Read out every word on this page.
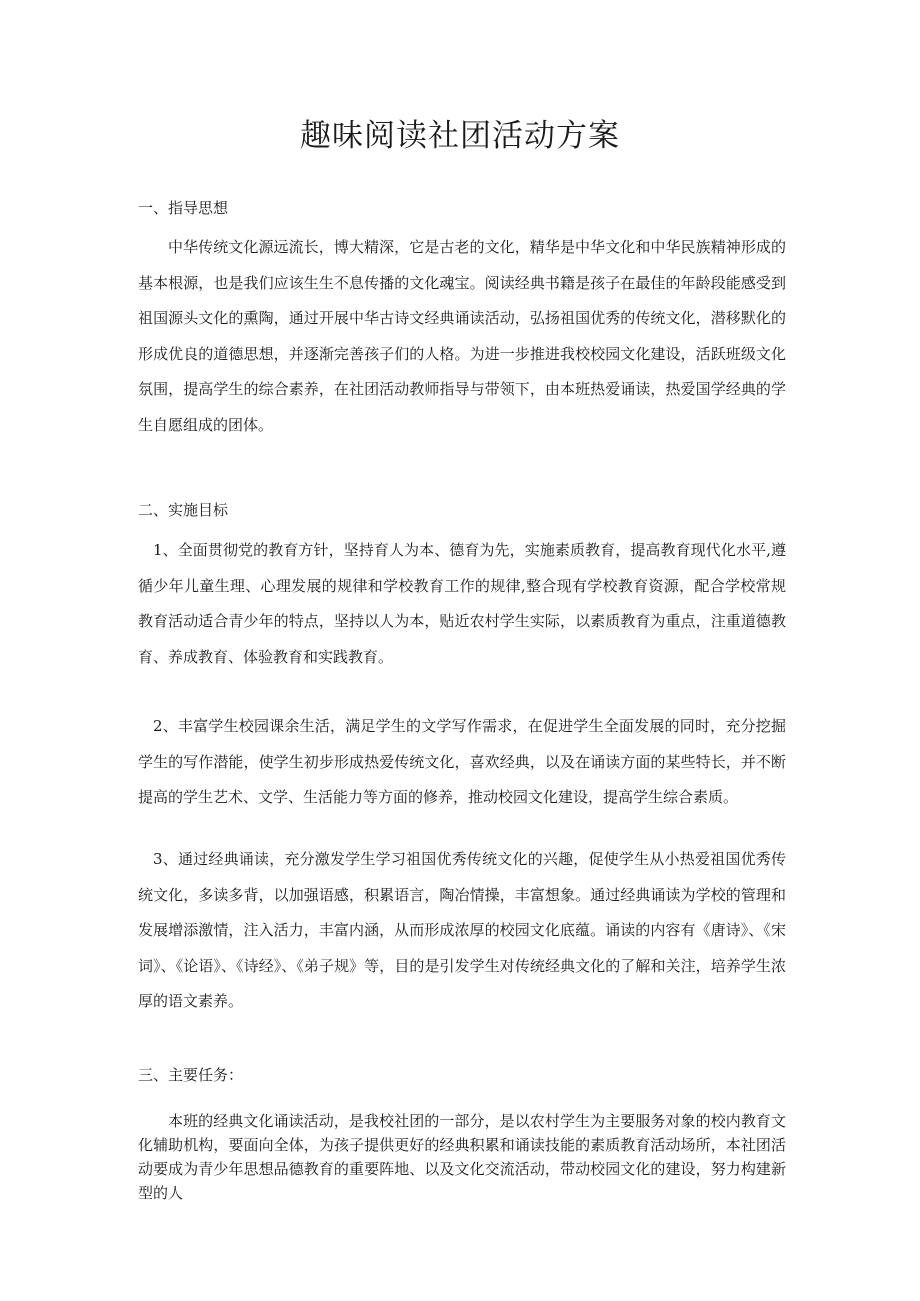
趣味阅读社团活动方案
一、指导思想

中华传统文化源远流长，博大精深，它是古老的文化，精华是中华文化和中华民族精神形成的基本根源，也是我们应该生生不息传播的文化魂宝。阅读经典书籍是孩子在最佳的年龄段能感受到祖国源头文化的熏陶，通过开展中华古诗文经典诵读活动，弘扬祖国优秀的传统文化，潜移默化的形成优良的道德思想，并逐渐完善孩子们的人格。为进一步推进我校校园文化建设，活跃班级文化氛围，提高学生的综合素养，在社团活动教师指导与带领下，由本班热爱诵读，热爱国学经典的学生自愿组成的团体。

二、实施目标

1、全面贯彻党的教育方针，坚持育人为本、德育为先，实施素质教育，提高教育现代化水平,遵循少年儿童生理、心理发展的规律和学校教育工作的规律,整合现有学校教育资源，配合学校常规教育活动适合青少年的特点，坚持以人为本，贴近农村学生实际，以素质教育为重点，注重道德教育、养成教育、体验教育和实践教育。

2、丰富学生校园课余生活，满足学生的文学写作需求，在促进学生全面发展的同时，充分挖掘学生的写作潜能，使学生初步形成热爱传统文化，喜欢经典，以及在诵读方面的某些特长，并不断提高的学生艺术、文学、生活能力等方面的修养，推动校园文化建设，提高学生综合素质。

3、通过经典诵读，充分激发学生学习祖国优秀传统文化的兴趣，促使学生从小热爱祖国优秀传统文化，多读多背，以加强语感，积累语言，陶冶情操，丰富想象。通过经典诵读为学校的管理和发展增添激情，注入活力，丰富内涵，从而形成浓厚的校园文化底蕴。诵读的内容有《唐诗》、《宋词》、《论语》、《诗经》、《弟子规》等，目的是引发学生对传统经典文化的了解和关注，培养学生浓厚的语文素养。

三、主要任务：

本班的经典文化诵读活动，是我校社团的一部分，是以农村学生为主要服务对象的校内教育文化辅助机构，要面向全体，为孩子提供更好的经典积累和诵读技能的素质教育活动场所，本社团活动要成为青少年思想品德教育的重要阵地、以及文化交流活动，带动校园文化的建设，努力构建新型的人
